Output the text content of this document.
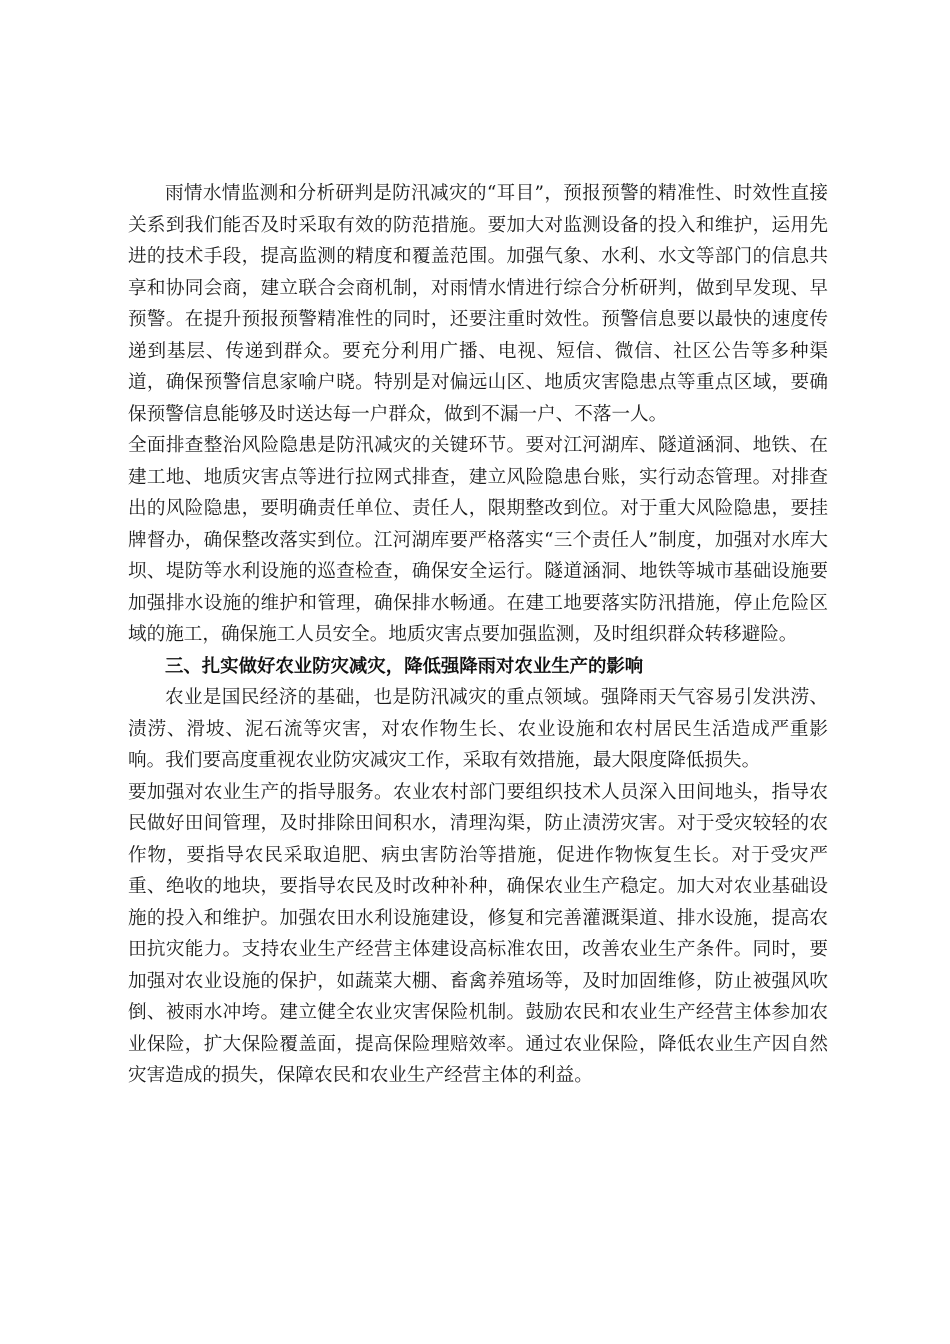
雨情水情监测和分析研判是防汛减灾的“耳目”，预报预警的精准性、时效性直接关系到我们能否及时采取有效的防范措施。要加大对监测设备的投入和维护，运用先进的技术手段，提高监测的精度和覆盖范围。加强气象、水利、水文等部门的信息共享和协同会商，建立联合会商机制，对雨情水情进行综合分析研判，做到早发现、早预警。在提升预报预警精准性的同时，还要注重时效性。预警信息要以最快的速度传递到基层、传递到群众。要充分利用广播、电视、短信、微信、社区公告等多种渠道，确保预警信息家喻户晓。特别是对偏远山区、地质灾害隐患点等重点区域，要确保预警信息能够及时送达每一户群众，做到不漏一户、不落一人。

全面排查整治风险隐患是防汛减灾的关键环节。要对江河湖库、隧道涵洞、地铁、在建工地、地质灾害点等进行拉网式排查，建立风险隐患台账，实行动态管理。对排查出的风险隐患，要明确责任单位、责任人，限期整改到位。对于重大风险隐患，要挂牌督办，确保整改落实到位。江河湖库要严格落实“三个责任人”制度，加强对水库大坝、堤防等水利设施的巡查检查，确保安全运行。隧道涵洞、地铁等城市基础设施要加强排水设施的维护和管理，确保排水畅通。在建工地要落实防汛措施，停止危险区域的施工，确保施工人员安全。地质灾害点要加强监测，及时组织群众转移避险。

三、扎实做好农业防灾减灾，降低强降雨对农业生产的影响

农业是国民经济的基础，也是防汛减灾的重点领域。强降雨天气容易引发洪涝、渍涝、滑坡、泥石流等灾害，对农作物生长、农业设施和农村居民生活造成严重影响。我们要高度重视农业防灾减灾工作，采取有效措施，最大限度降低损失。

要加强对农业生产的指导服务。农业农村部门要组织技术人员深入田间地头，指导农民做好田间管理，及时排除田间积水，清理沟渠，防止渍涝灾害。对于受灾较轻的农作物，要指导农民采取追肥、病虫害防治等措施，促进作物恢复生长。对于受灾严重、绝收的地块，要指导农民及时改种补种，确保农业生产稳定。加大对农业基础设施的投入和维护。加强农田水利设施建设，修复和完善灌溉渠道、排水设施，提高农田抗灾能力。支持农业生产经营主体建设高标准农田，改善农业生产条件。同时，要加强对农业设施的保护，如蔬菜大棚、畜禽养殖场等，及时加固维修，防止被强风吹倒、被雨水冲垮。建立健全农业灾害保险机制。鼓励农民和农业生产经营主体参加农业保险，扩大保险覆盖面，提高保险理赔效率。通过农业保险，降低农业生产因自然灾害造成的损失，保障农民和农业生产经营主体的利益。
